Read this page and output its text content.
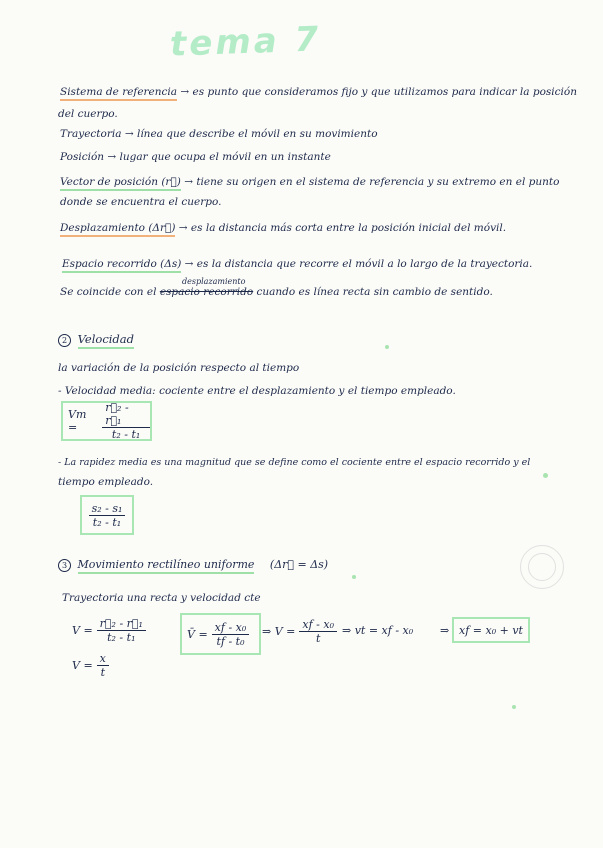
tema 7
Sistema de referencia → es punto que consideramos fijo y que utilizamos para indicar la posición
del cuerpo.
Trayectoria → línea que describe el móvil en su movimiento
Posición → lugar que ocupa el móvil en un instante
Vector de posición (r⃗) → tiene su origen en el sistema de referencia y su extremo en el punto
donde se encuentra el cuerpo.
Desplazamiento (Δr⃗) → es la distancia más corta entre la posición inicial del móvil.
Espacio recorrido (Δs) → es la distancia que recorre el móvil a lo largo de la trayectoria.
desplazamiento
Se coincide con el espacio recorrido cuando es línea recta sin cambio de sentido.
2 Velocidad
la variación de la posición respecto al tiempo
- Velocidad media: cociente entre el desplazamiento y el tiempo empleado.
Vm =	$\frac{\text{r⃗₂ - r⃗₁}}{\text{t₂ - t₁}}$
- La rapidez media es una magnitud que se define como el cociente entre el espacio recorrido y el
tiempo empleado.
$\frac{\text{s₂ - s₁}}{\text{t₂ - t₁}}$
3 Movimiento rectilíneo uniforme (Δr⃗ = Δs)
Trayectoria una recta y velocidad cte
$V = \frac{\text{r⃗₂ - r⃗₁}}{\text{t₂ - t₁}}$
$V = \frac{x}{t}$
V̄ = $\frac{\text{xf - x₀}}{\text{tf - t₀}}$ ⇒ $V = \frac{\text{xf - x₀}}{t}$ ⇒ vt = xf - x₀ ⇒ xf = x₀ + vt
